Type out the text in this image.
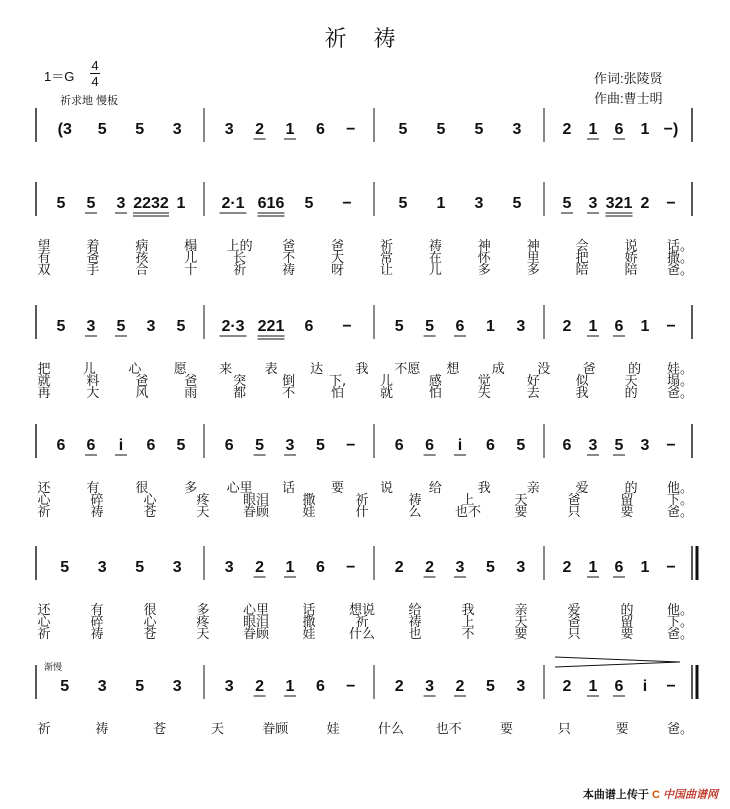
祈 祷
$1=G \frac{4}{4}$
祈求地 慢板
作词:张陵贤
作曲:曹士明
(3 5 5 3	3 2 1 6 −	5 5 5 3	2 1 6 1 −)
5 5 3 2232 1 2·1 616 5 −	5 1 3 5	5 3 321 2 −
望	着	病	榻 上的 爸	爸	祈	祷	神	神	会	说 话。
有	爸	孩	儿	长	不	大	常	在	怀	里	把	娇 撒。
双	手	合	十	祈	祷	呀	让	儿	多	多	陪	陪 爸。
5 3 5 3 5 2·3 221 6 −	5 5 6 1 3 2 1 6 1 −
把 儿 心 愿 来 表 达 我 不愿 想 成 没 爸 的 娃。
就	料	爸	爸	突	倒	下,	儿	感	觉	好	似	天 塌。
再	大	风	雨	都	不	怕	就	怕	失	去	我	的 爸。
6 6 i 6 5 6 5 3 5 − 6 6 i 6 5 6 3 5 3 −
还	有	很	多 心里 话	要	说	给	我	亲	爱	的 他。
心	碎	心	疼	眼泪	撒	祈	祷	上	天	爸	留	下。
祈	祷	苍	天	眷顾	娃	什	么	也不	要	只	要	爸。
5 3 5 3	3 2 1 6 − 2 2 3 5 3 2 1 6 1 −
还	有	很	多	心里	话	想说	给	我	亲	爱	的	他。
心	碎	心	疼	眼泪	撒	祈	祷	上	天	爸	留	下。
祈	祷	苍	天	眷顾	娃	什么	也	不	要	只	要	爸。
5 3 5 3	3 2 1 6 − 2 3 2 5 3 2 1 6 i −
祈	祷	苍	天	眷顾	娃	什么 也不	要	只	要	爸。
渐慢
本曲谱上传于 C 中国曲谱网
